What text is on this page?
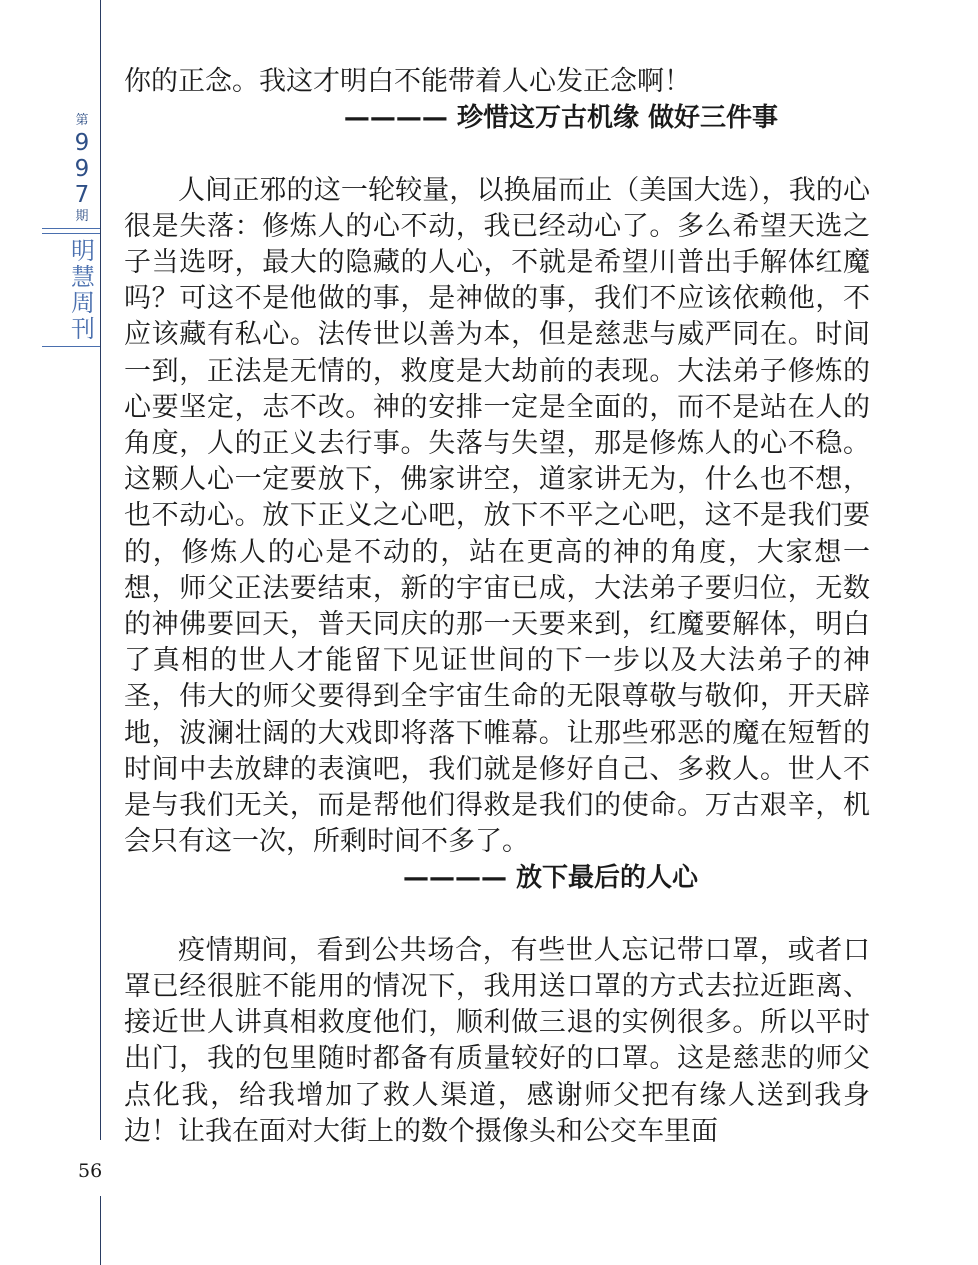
第
9
9
7
期
明
慧
周
刊
56

你的正念。我这才明白不能带着人心发正念啊！

———— 珍惜这万古机缘 做好三件事

人间正邪的这一轮较量，以换届而止（美国大选），我的心很是失落：修炼人的心不动，我已经动心了。多么希望天选之子当选呀，最大的隐藏的人心，不就是希望川普出手解体红魔吗？可这不是他做的事，是神做的事，我们不应该依赖他，不应该藏有私心。法传世以善为本，但是慈悲与威严同在。时间一到，正法是无情的，救度是大劫前的表现。大法弟子修炼的心要坚定，志不改。神的安排一定是全面的，而不是站在人的角度，人的正义去行事。失落与失望，那是修炼人的心不稳。这颗人心一定要放下，佛家讲空，道家讲无为，什么也不想，也不动心。放下正义之心吧，放下不平之心吧，这不是我们要的，修炼人的心是不动的，站在更高的神的角度，大家想一想，师父正法要结束，新的宇宙已成，大法弟子要归位，无数的神佛要回天，普天同庆的那一天要来到，红魔要解体，明白了真相的世人才能留下见证世间的下一步以及大法弟子的神圣，伟大的师父要得到全宇宙生命的无限尊敬与敬仰，开天辟地，波澜壮阔的大戏即将落下帷幕。让那些邪恶的魔在短暂的时间中去放肆的表演吧，我们就是修好自己、多救人。世人不是与我们无关，而是帮他们得救是我们的使命。万古艰辛，机会只有这一次，所剩时间不多了。

———— 放下最后的人心

疫情期间，看到公共场合，有些世人忘记带口罩，或者口罩已经很脏不能用的情况下，我用送口罩的方式去拉近距离、接近世人讲真相救度他们，顺利做三退的实例很多。所以平时出门，我的包里随时都备有质量较好的口罩。这是慈悲的师父点化我，给我增加了救人渠道，感谢师父把有缘人送到我身边！让我在面对大街上的数个摄像头和公交车里面
